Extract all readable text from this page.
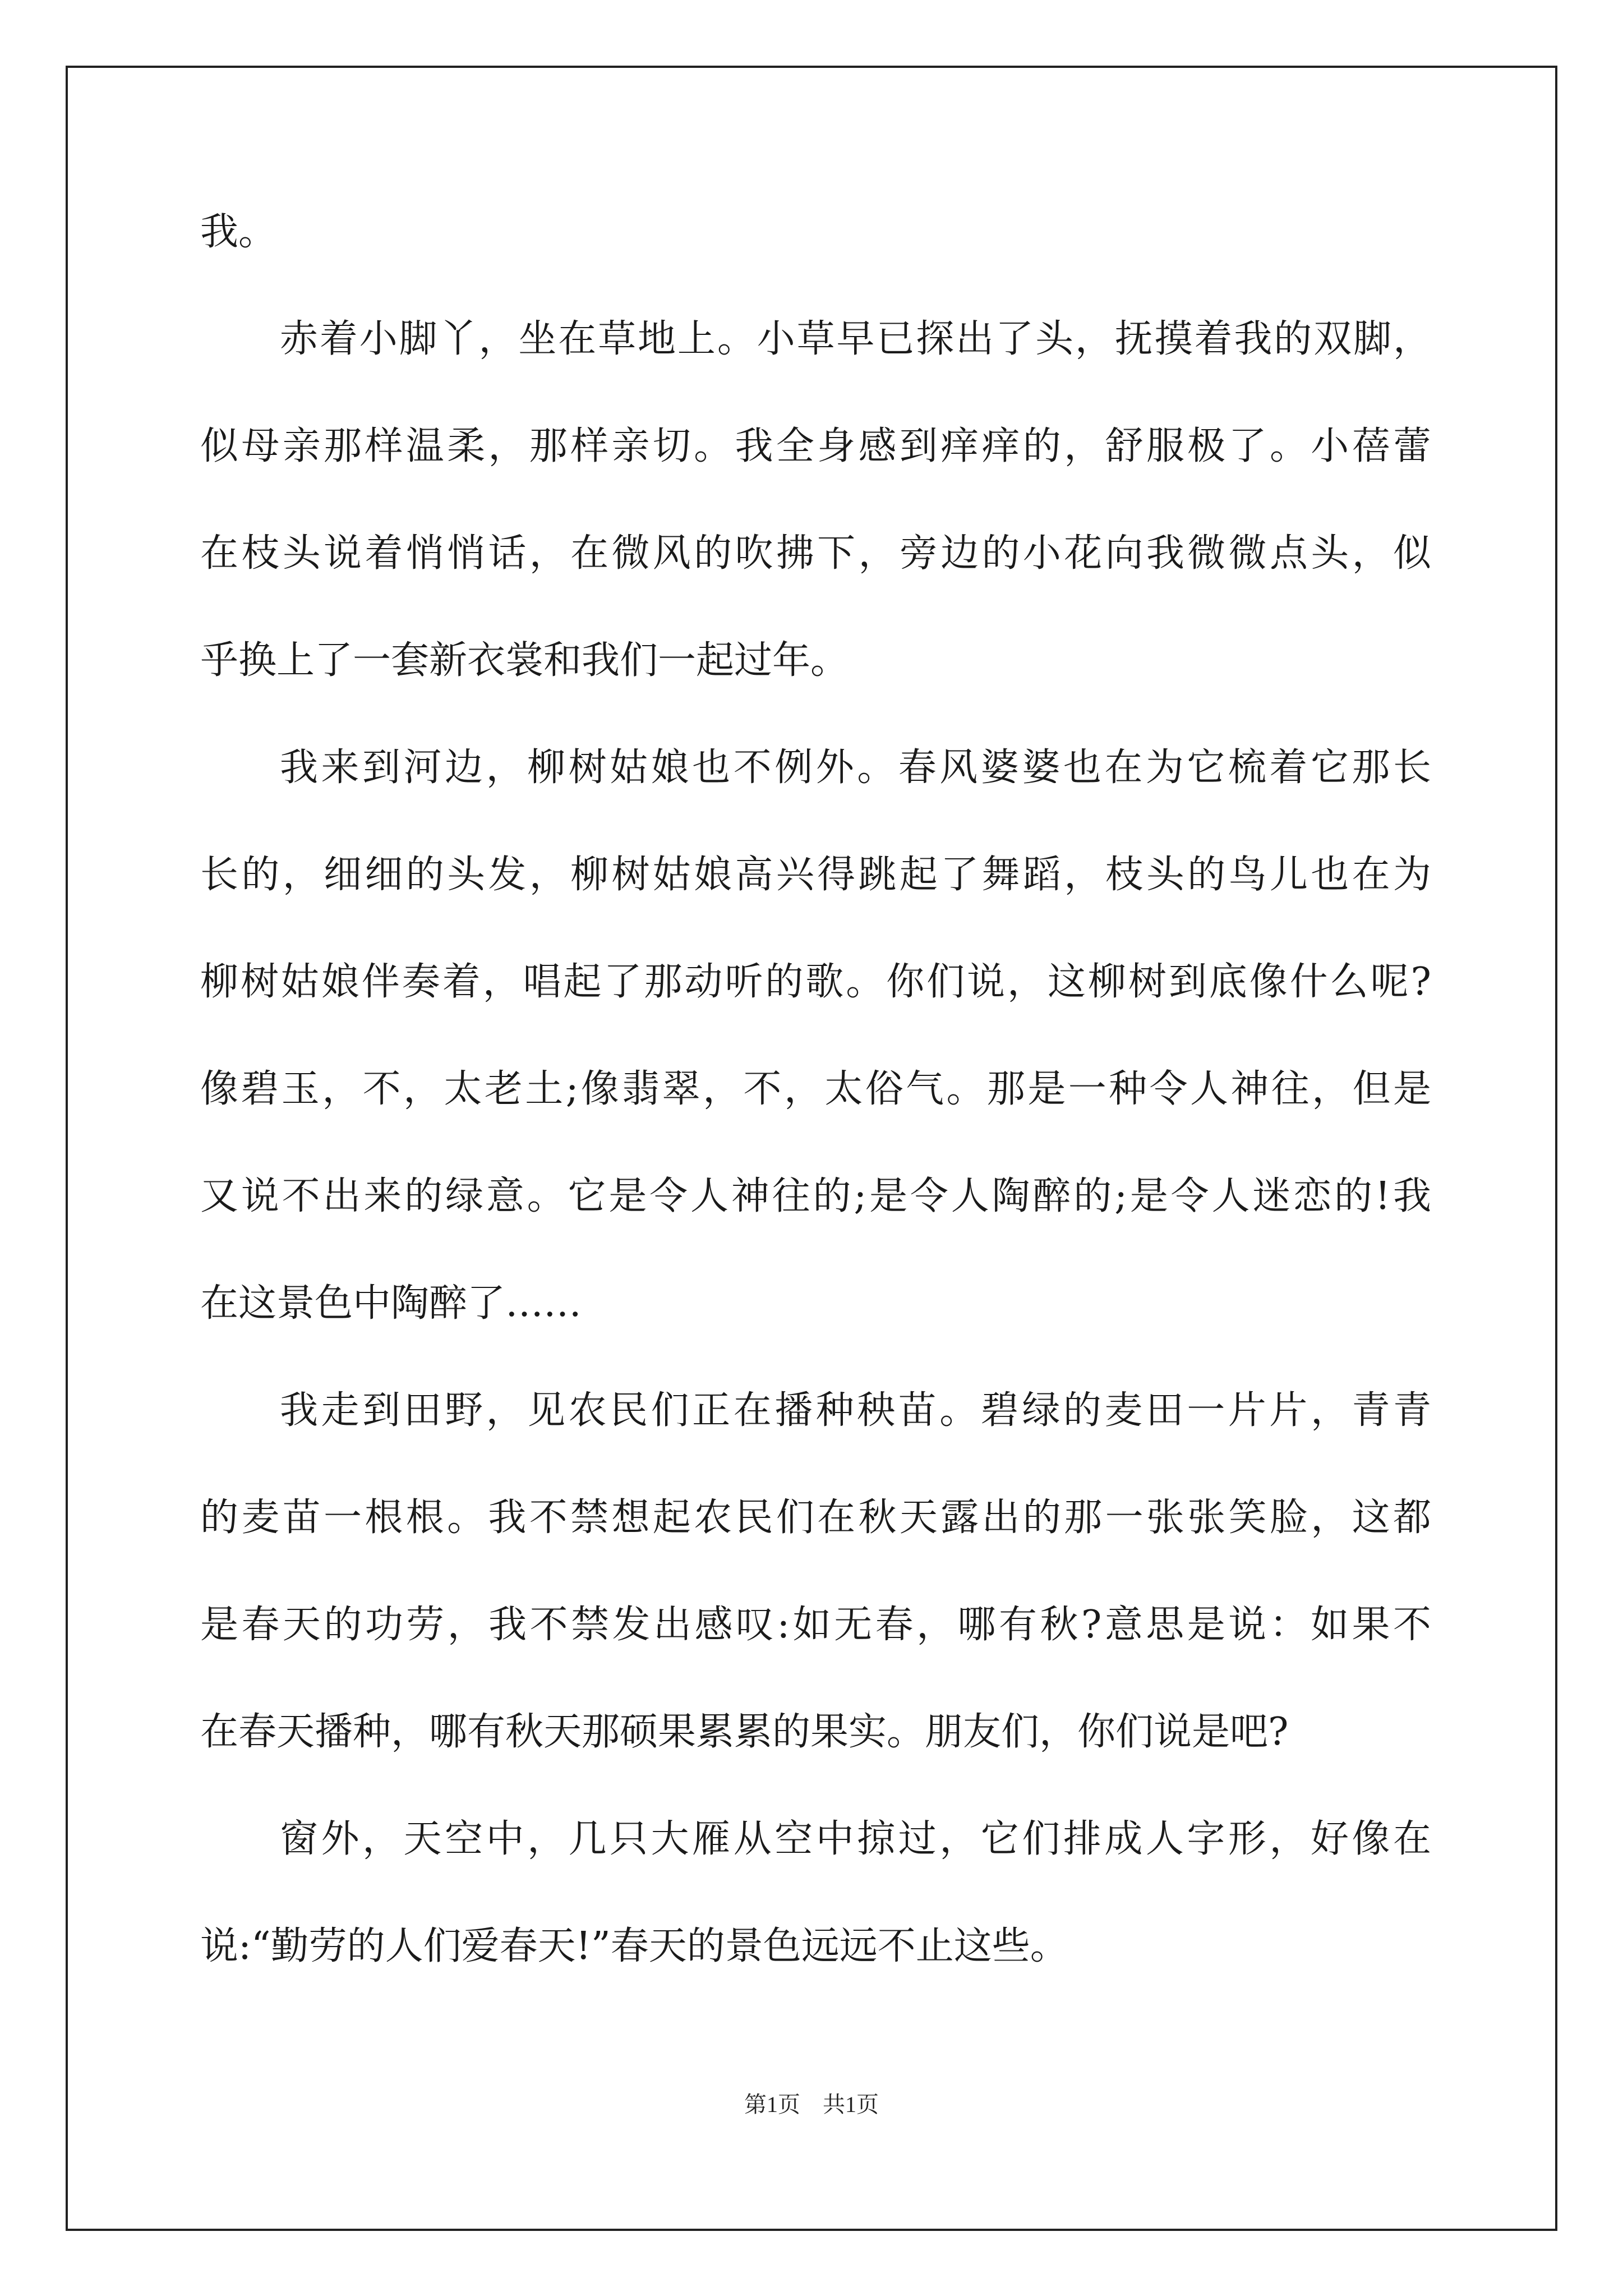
我。
赤着小脚丫，坐在草地上。小草早已探出了头，抚摸着我的双脚，
似母亲那样温柔，那样亲切。我全身感到痒痒的，舒服极了。小蓓蕾
在枝头说着悄悄话，在微风的吹拂下，旁边的小花向我微微点头，似
乎换上了一套新衣裳和我们一起过年。
我来到河边，柳树姑娘也不例外。春风婆婆也在为它梳着它那长
长的，细细的头发，柳树姑娘高兴得跳起了舞蹈，枝头的鸟儿也在为
柳树姑娘伴奏着，唱起了那动听的歌。你们说，这柳树到底像什么呢?
像碧玉，不，太老土;像翡翠，不，太俗气。那是一种令人神往，但是
又说不出来的绿意。它是令人神往的;是令人陶醉的;是令人迷恋的!我
在这景色中陶醉了……
我走到田野，见农民们正在播种秧苗。碧绿的麦田一片片，青青
的麦苗一根根。我不禁想起农民们在秋天露出的那一张张笑脸，这都
是春天的功劳，我不禁发出感叹:如无春，哪有秋?意思是说：如果不
在春天播种，哪有秋天那硕果累累的果实。朋友们，你们说是吧?
窗外，天空中，几只大雁从空中掠过，它们排成人字形，好像在
说:“勤劳的人们爱春天!”春天的景色远远不止这些。
第1页　共1页
